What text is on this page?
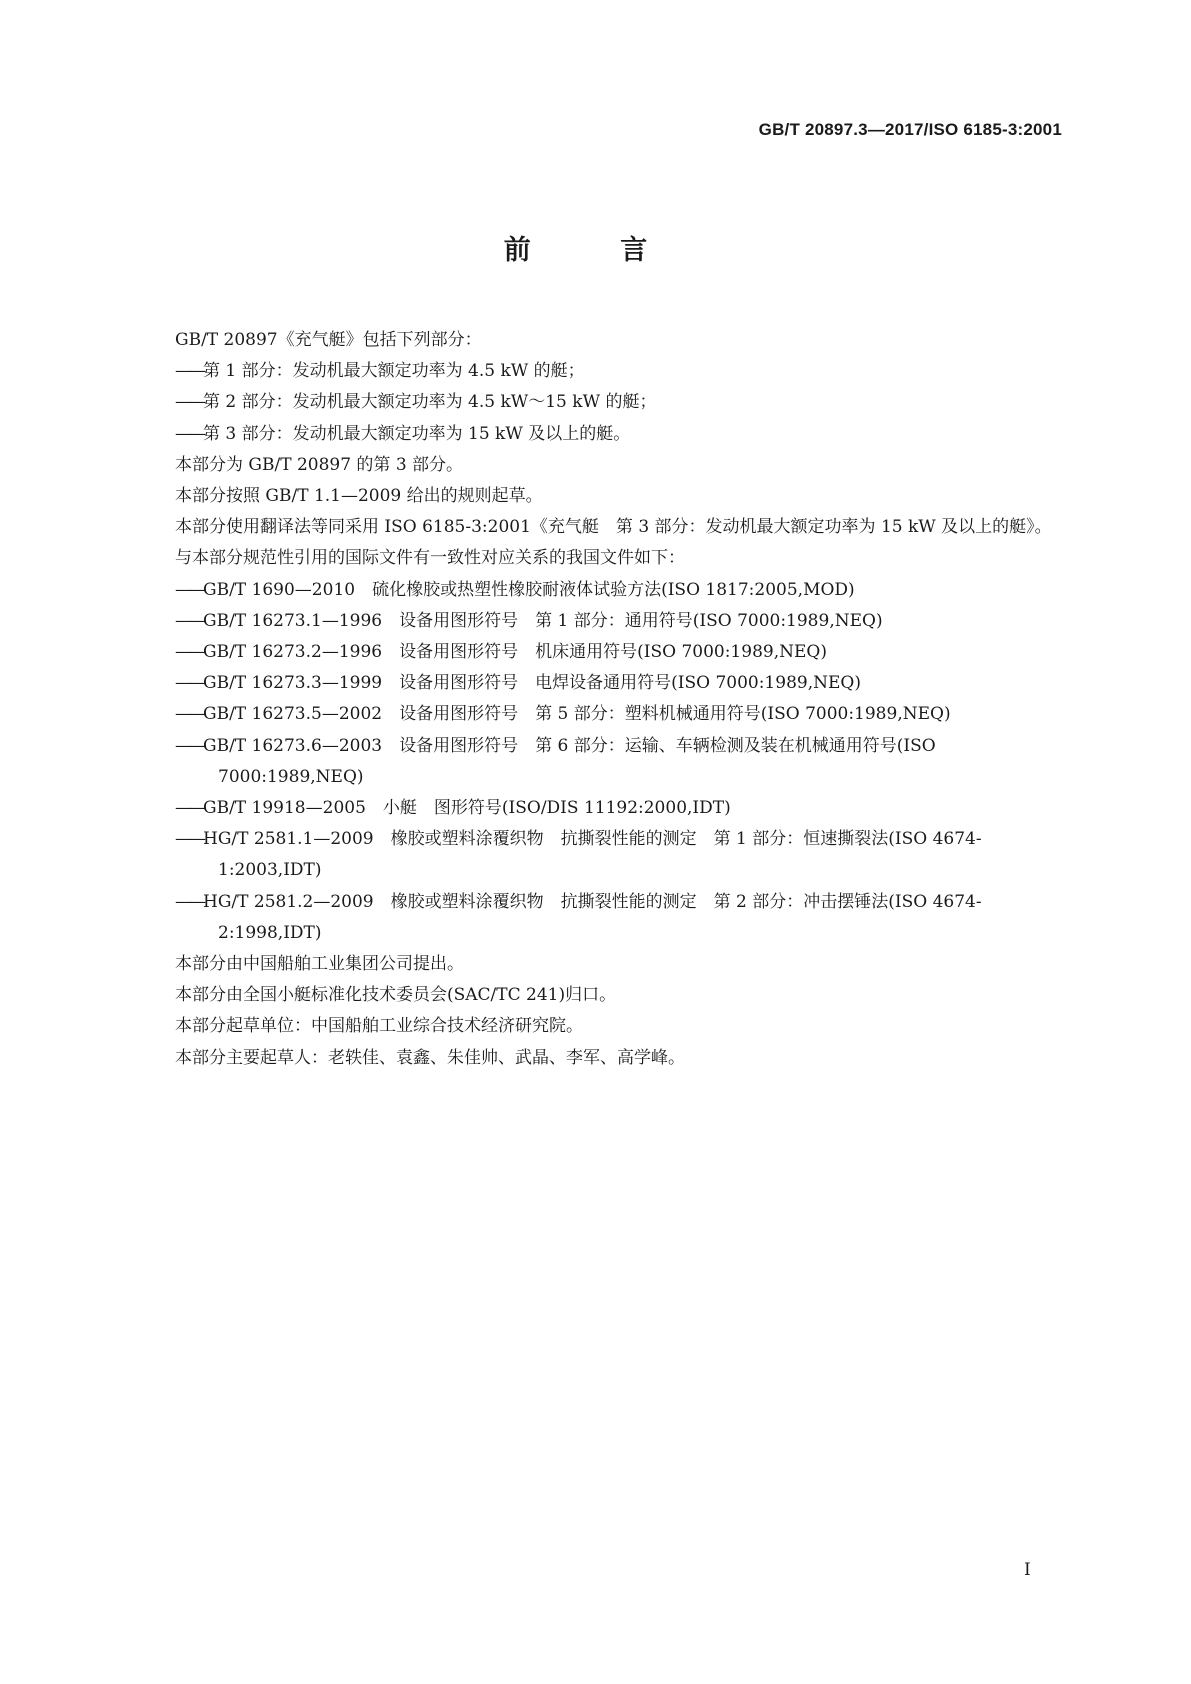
GB/T 20897.3—2017/ISO 6185-3:2001
前 言

GB/T 20897《充气艇》包括下列部分：

——第 1 部分：发动机最大额定功率为 4.5 kW 的艇；

——第 2 部分：发动机最大额定功率为 4.5 kW～15 kW 的艇；

——第 3 部分：发动机最大额定功率为 15 kW 及以上的艇。

本部分为 GB/T 20897 的第 3 部分。

本部分按照 GB/T 1.1—2009 给出的规则起草。

本部分使用翻译法等同采用 ISO 6185-3:2001《充气艇　第 3 部分：发动机最大额定功率为 15 kW 及以上的艇》。

与本部分规范性引用的国际文件有一致性对应关系的我国文件如下：

——GB/T 1690—2010　硫化橡胶或热塑性橡胶耐液体试验方法(ISO 1817:2005,MOD)

——GB/T 16273.1—1996　设备用图形符号　第 1 部分：通用符号(ISO 7000:1989,NEQ)

——GB/T 16273.2—1996　设备用图形符号　机床通用符号(ISO 7000:1989,NEQ)

——GB/T 16273.3—1999　设备用图形符号　电焊设备通用符号(ISO 7000:1989,NEQ)

——GB/T 16273.5—2002　设备用图形符号　第 5 部分：塑料机械通用符号(ISO 7000:1989,NEQ)

——GB/T 16273.6—2003　设备用图形符号　第 6 部分：运输、车辆检测及装在机械通用符号(ISO 7000:1989,NEQ)

——GB/T 19918—2005　小艇　图形符号(ISO/DIS 11192:2000,IDT)

——HG/T 2581.1—2009　橡胶或塑料涂覆织物　抗撕裂性能的测定　第 1 部分：恒速撕裂法(ISO 4674-1:2003,IDT)

——HG/T 2581.2—2009　橡胶或塑料涂覆织物　抗撕裂性能的测定　第 2 部分：冲击摆锤法(ISO 4674-2:1998,IDT)

本部分由中国船舶工业集团公司提出。

本部分由全国小艇标准化技术委员会(SAC/TC 241)归口。

本部分起草单位：中国船舶工业综合技术经济研究院。

本部分主要起草人：老轶佳、袁鑫、朱佳帅、武晶、李军、高学峰。

I
